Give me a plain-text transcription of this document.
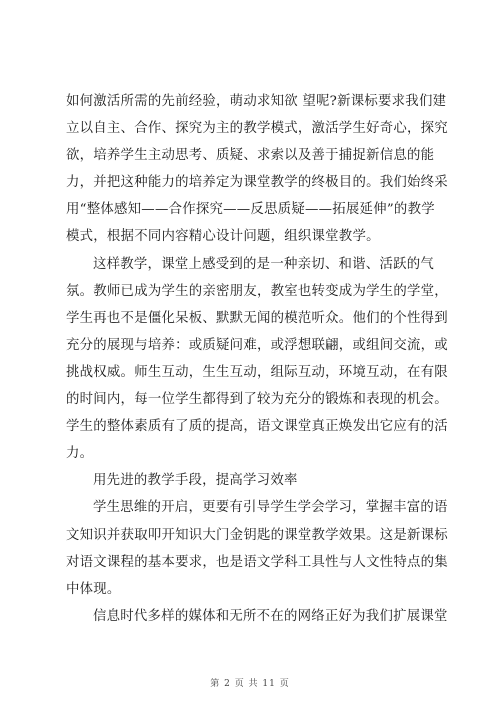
如何激活所需的先前经验，萌动求知欲 望呢?新课标要求我们建
立以自主、合作、探究为主的教学模式，激活学生好奇心，探究
欲，培养学生主动思考、质疑、求索以及善于捕捉新信息的能
力，并把这种能力的培养定为课堂教学的终极目的。我们始终采
用“整体感知——合作探究——反思质疑——拓展延伸”的教学
模式，根据不同内容精心设计问题，组织课堂教学。
这样教学，课堂上感受到的是一种亲切、和谐、活跃的气
氛。教师已成为学生的亲密朋友，教室也转变成为学生的学堂，
学生再也不是僵化呆板、默默无闻的模范听众。他们的个性得到
充分的展现与培养：或质疑问难，或浮想联翩，或组间交流，或
挑战权威。师生互动，生生互动，组际互动，环境互动，在有限
的时间内，每一位学生都得到了较为充分的锻炼和表现的机会。
学生的整体素质有了质的提高，语文课堂真正焕发出它应有的活
力。
用先进的教学手段，提高学习效率
学生思维的开启，更要有引导学生学会学习，掌握丰富的语
文知识并获取叩开知识大门金钥匙的课堂教学效果。这是新课标
对语文课程的基本要求，也是语文学科工具性与人文性特点的集
中体现。
信息时代多样的媒体和无所不在的网络正好为我们扩展课堂
第 2 页 共 11 页
